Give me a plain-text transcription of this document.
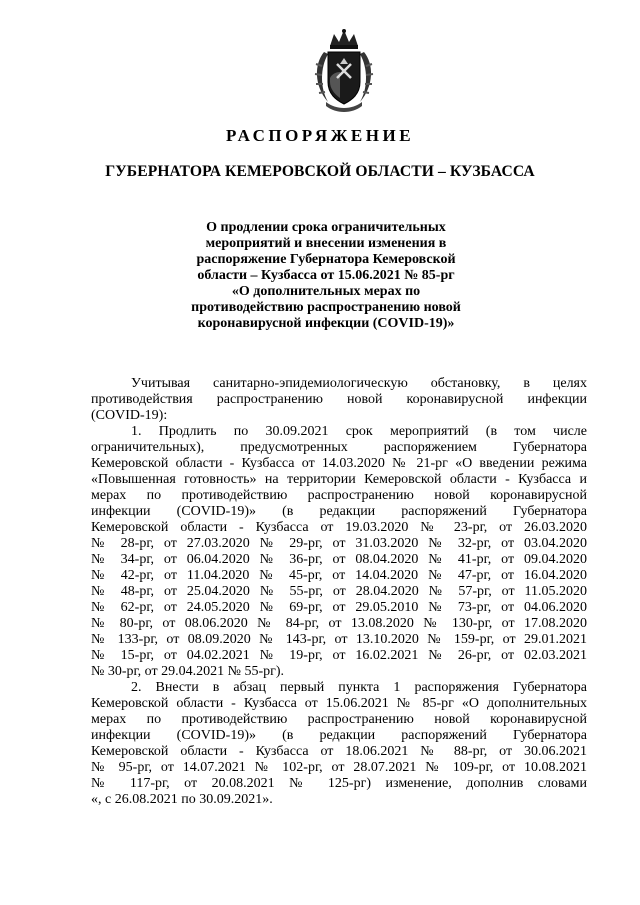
РАСПОРЯЖЕНИЕ
ГУБЕРНАТОРА КЕМЕРОВСКОЙ ОБЛАСТИ – КУЗБАССА
О продлении срока ограничительных
мероприятий и внесении изменения в
распоряжение Губернатора Кемеровской
области – Кузбасса от 15.06.2021 № 85-рг
«О дополнительных мерах по
противодействию распространению новой
коронавирусной инфекции (COVID-19)»
Учитывая санитарно-эпидемиологическую обстановку, в целях
противодействия распространению новой коронавирусной инфекции
(COVID-19):
1. Продлить по 30.09.2021 срок мероприятий (в том числе
ограничительных), предусмотренных распоряжением Губернатора
Кемеровской области - Кузбасса от 14.03.2020 № 21-рг «О введении режима
«Повышенная готовность» на территории Кемеровской области - Кузбасса и
мерах по противодействию распространению новой коронавирусной
инфекции (COVID-19)» (в редакции распоряжений Губернатора
Кемеровской области - Кузбасса от 19.03.2020 № 23-рг, от 26.03.2020
№ 28-рг, от 27.03.2020 № 29-рг, от 31.03.2020 № 32-рг, от 03.04.2020
№ 34-рг, от 06.04.2020 № 36-рг, от 08.04.2020 № 41-рг, от 09.04.2020
№ 42-рг, от 11.04.2020 № 45-рг, от 14.04.2020 № 47-рг, от 16.04.2020
№ 48-рг, от 25.04.2020 № 55-рг, от 28.04.2020 № 57-рг, от 11.05.2020
№ 62-рг, от 24.05.2020 № 69-рг, от 29.05.2010 № 73-рг, от 04.06.2020
№ 80-рг, от 08.06.2020 № 84-рг, от 13.08.2020 № 130-рг, от 17.08.2020
№ 133-рг, от 08.09.2020 № 143-рг, от 13.10.2020 № 159-рг, от 29.01.2021
№ 15-рг, от 04.02.2021 № 19-рг, от 16.02.2021 № 26-рг, от 02.03.2021
№ 30-рг, от 29.04.2021 № 55-рг).
2. Внести в абзац первый пункта 1 распоряжения Губернатора
Кемеровской области - Кузбасса от 15.06.2021 № 85-рг «О дополнительных
мерах по противодействию распространению новой коронавирусной
инфекции (COVID-19)» (в редакции распоряжений Губернатора
Кемеровской области - Кузбасса от 18.06.2021 № 88-рг, от 30.06.2021
№ 95-рг, от 14.07.2021 № 102-рг, от 28.07.2021 № 109-рг, от 10.08.2021
№ 117-рг, от 20.08.2021 № 125-рг) изменение, дополнив словами
«, с 26.08.2021 по 30.09.2021».
